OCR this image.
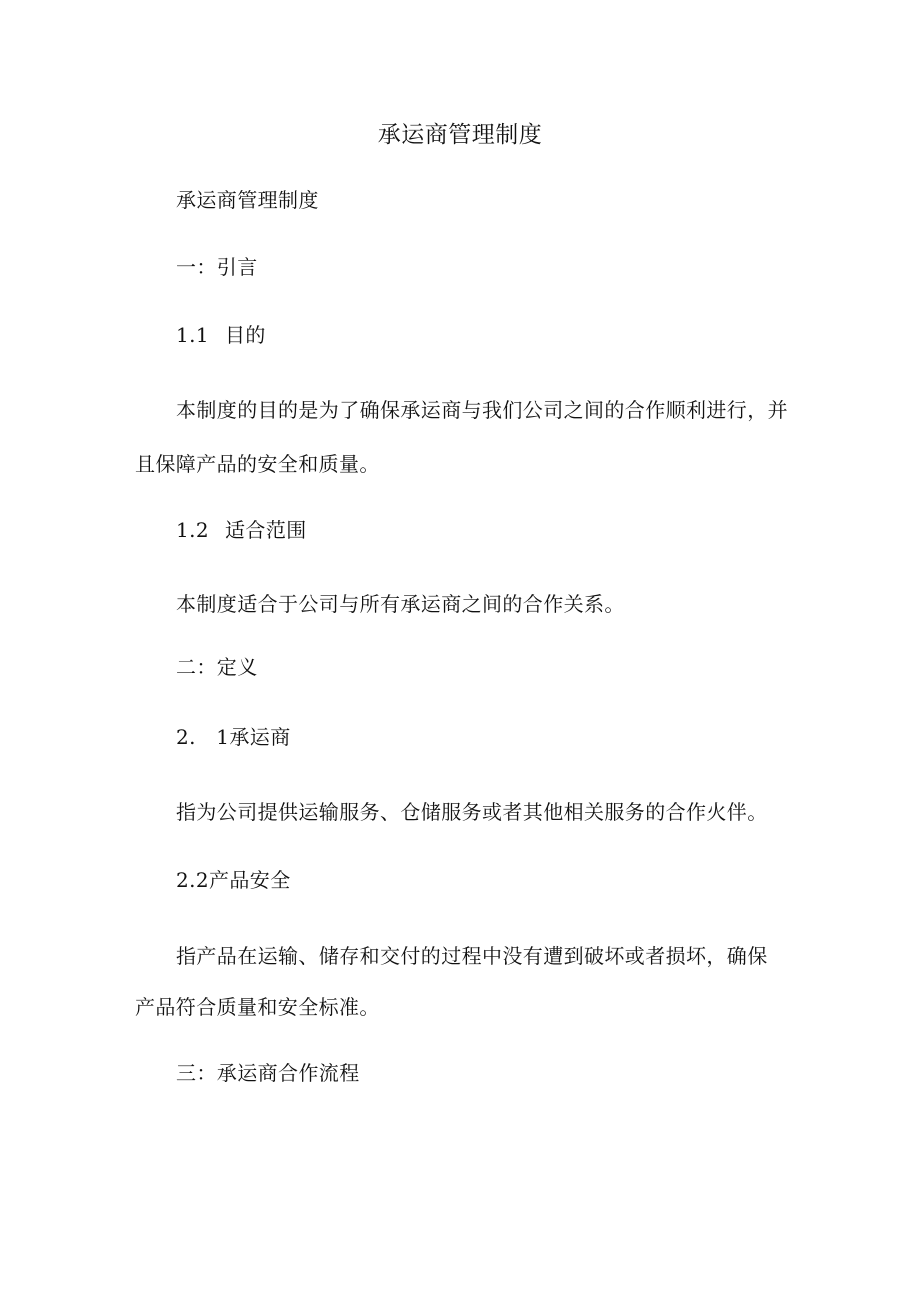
承运商管理制度
承运商管理制度
一：引言
1.1 目的
本制度的目的是为了确保承运商与我们公司之间的合作顺利进行，并
且保障产品的安全和质量。
1.2 适合范围
本制度适合于公司与所有承运商之间的合作关系。
二：定义
2.　1承运商
指为公司提供运输服务、仓储服务或者其他相关服务的合作火伴。
2.2产品安全
指产品在运输、储存和交付的过程中没有遭到破坏或者损坏，确保
产品符合质量和安全标准。
三：承运商合作流程
